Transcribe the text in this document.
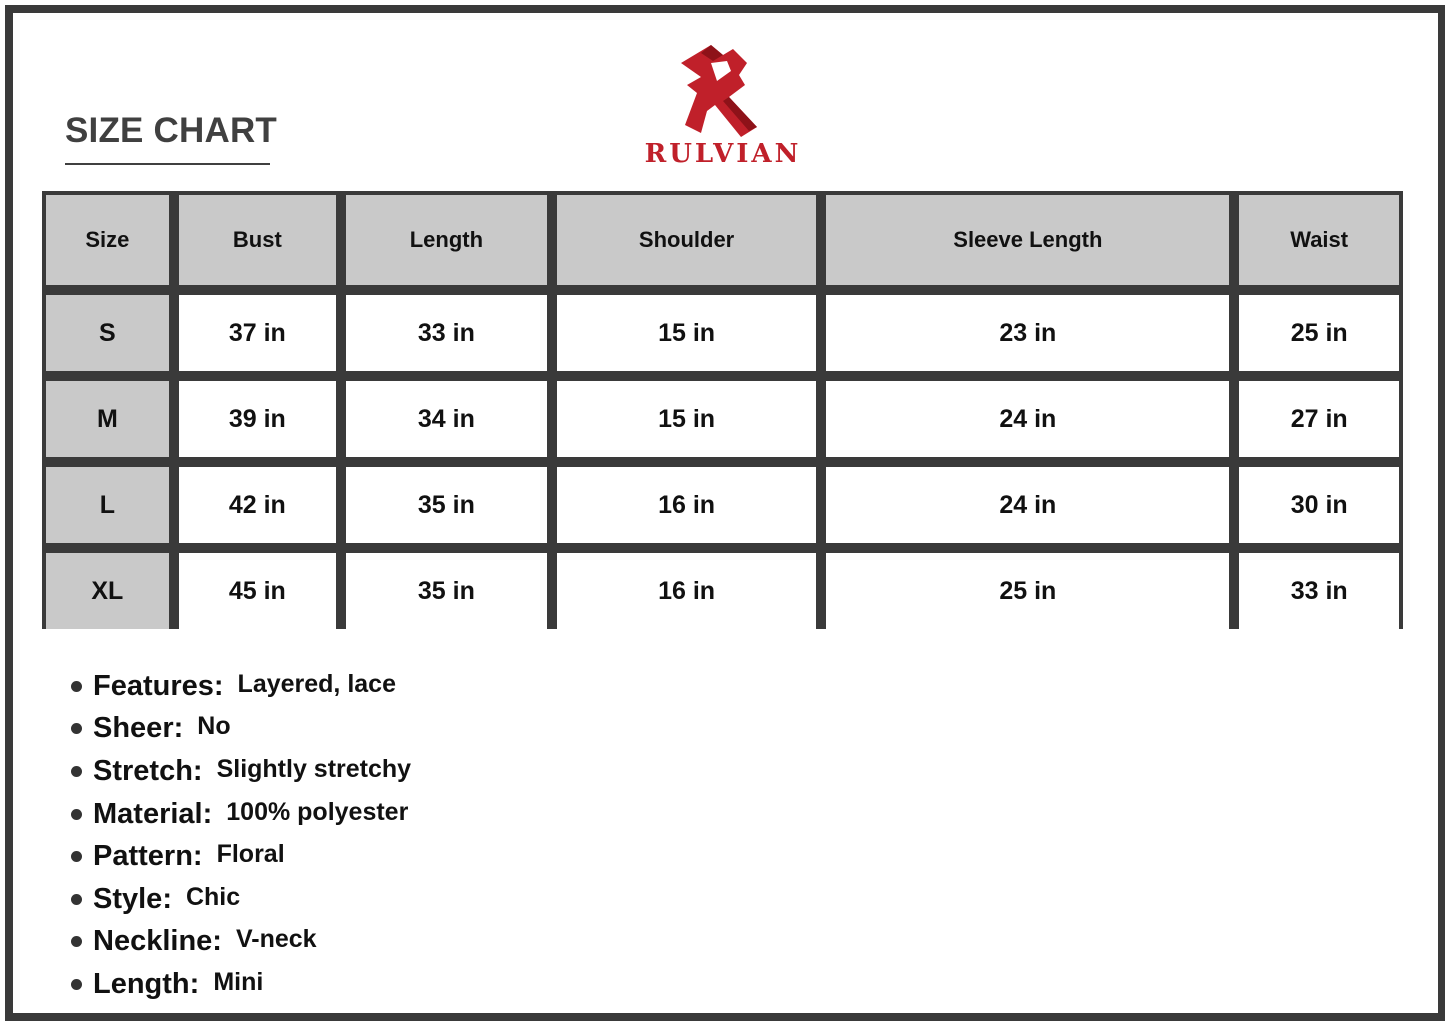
SIZE CHART
RULVIAN
Size	Bust	Length	Shoulder	Sleeve Length	Waist
S	37 in	33 in	15 in	23 in	25 in
M	39 in	34 in	15 in	24 in	27 in
L	42 in	35 in	16 in	24 in	30 in
XL	45 in	35 in	16 in	25 in	33 in
Features: Layered, lace
Sheer: No
Stretch: Slightly stretchy
Material: 100% polyester
Pattern: Floral
Style: Chic
Neckline: V-neck
Length: Mini
